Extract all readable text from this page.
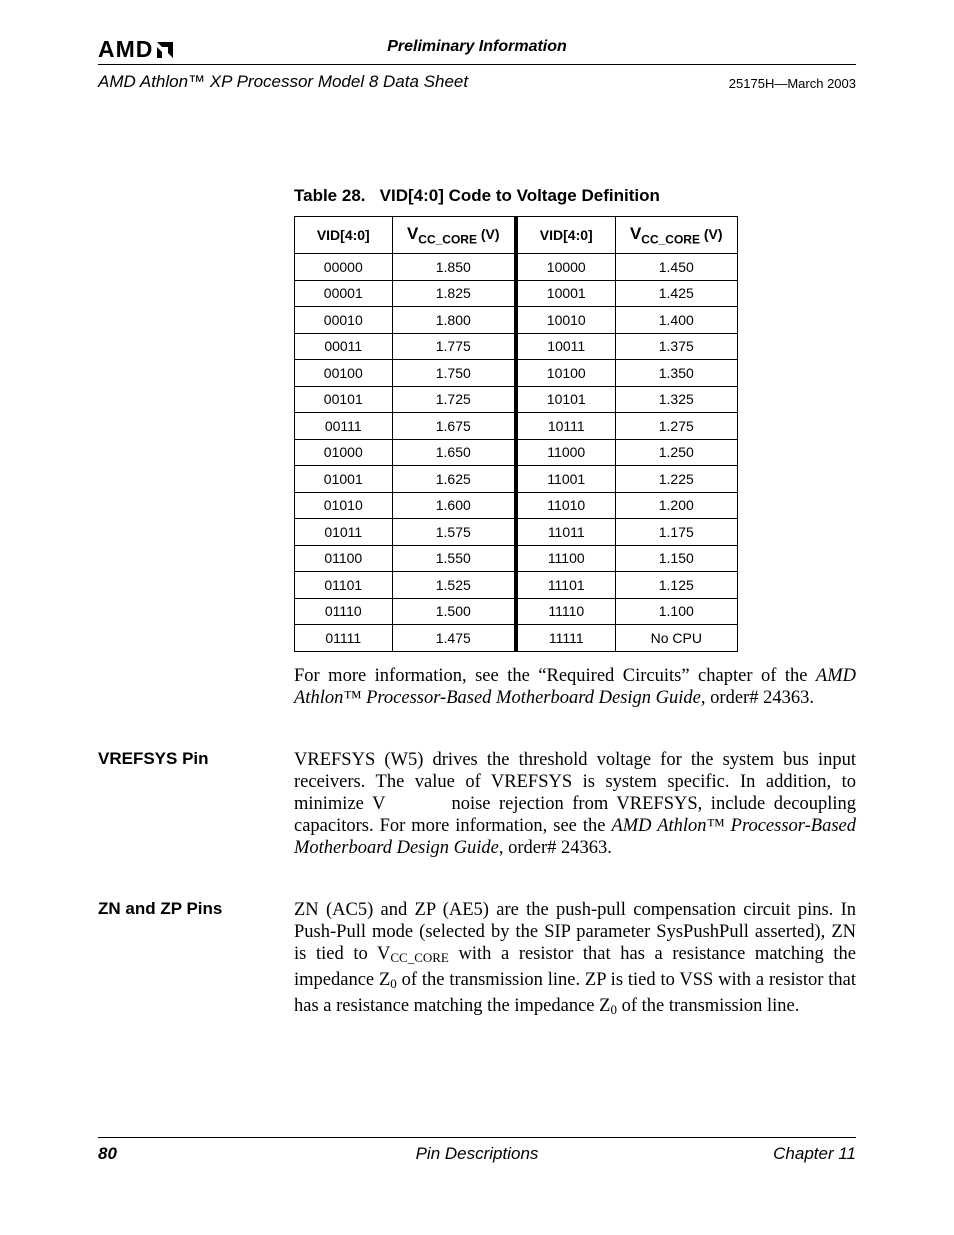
AMD	Preliminary Information
AMD Athlon™ XP Processor Model 8 Data Sheet	25175H—March 2003
Table 28.   VID[4:0] Code to Voltage Definition
VID[4:0]	$V_{CC\_CORE}$ (V)	VID[4:0]	$V_{CC\_CORE}$ (V)
00000	1.850	10000	1.450
00001	1.825	10001	1.425
00010	1.800	10010	1.400
00011	1.775	10011	1.375
00100	1.750	10100	1.350
00101	1.725	10101	1.325
00111	1.675	10111	1.275
01000	1.650	11000	1.250
01001	1.625	11001	1.225
01010	1.600	11010	1.200
01011	1.575	11011	1.175
01100	1.550	11100	1.150
01101	1.525	11101	1.125
01110	1.500	11110	1.100
01111	1.475	11111	No CPU
For more information, see the “Required Circuits” chapter of the AMD Athlon™ Processor-Based Motherboard Design Guide, order# 24363.
VREFSYS Pin	VREFSYS (W5) drives the threshold voltage for the system bus input receivers. The value of VREFSYS is system specific. In addition, to minimize V	noise rejection from VREFSYS, include decoupling capacitors. For more information, see the AMD Athlon™ Processor-Based Motherboard Design Guide, order# 24363.
ZN and ZP Pins	ZN (AC5) and ZP (AE5) are the push-pull compensation circuit pins. In Push-Pull mode (selected by the SIP parameter SysPushPull asserted), ZN is tied to $V_{CC\_CORE}$ with a resistor that has a resistance matching the impedance $Z_0$ of the transmission line. ZP is tied to VSS with a resistor that has a resistance matching the impedance $Z_0$ of the transmission line.
80	Pin Descriptions	Chapter 11
